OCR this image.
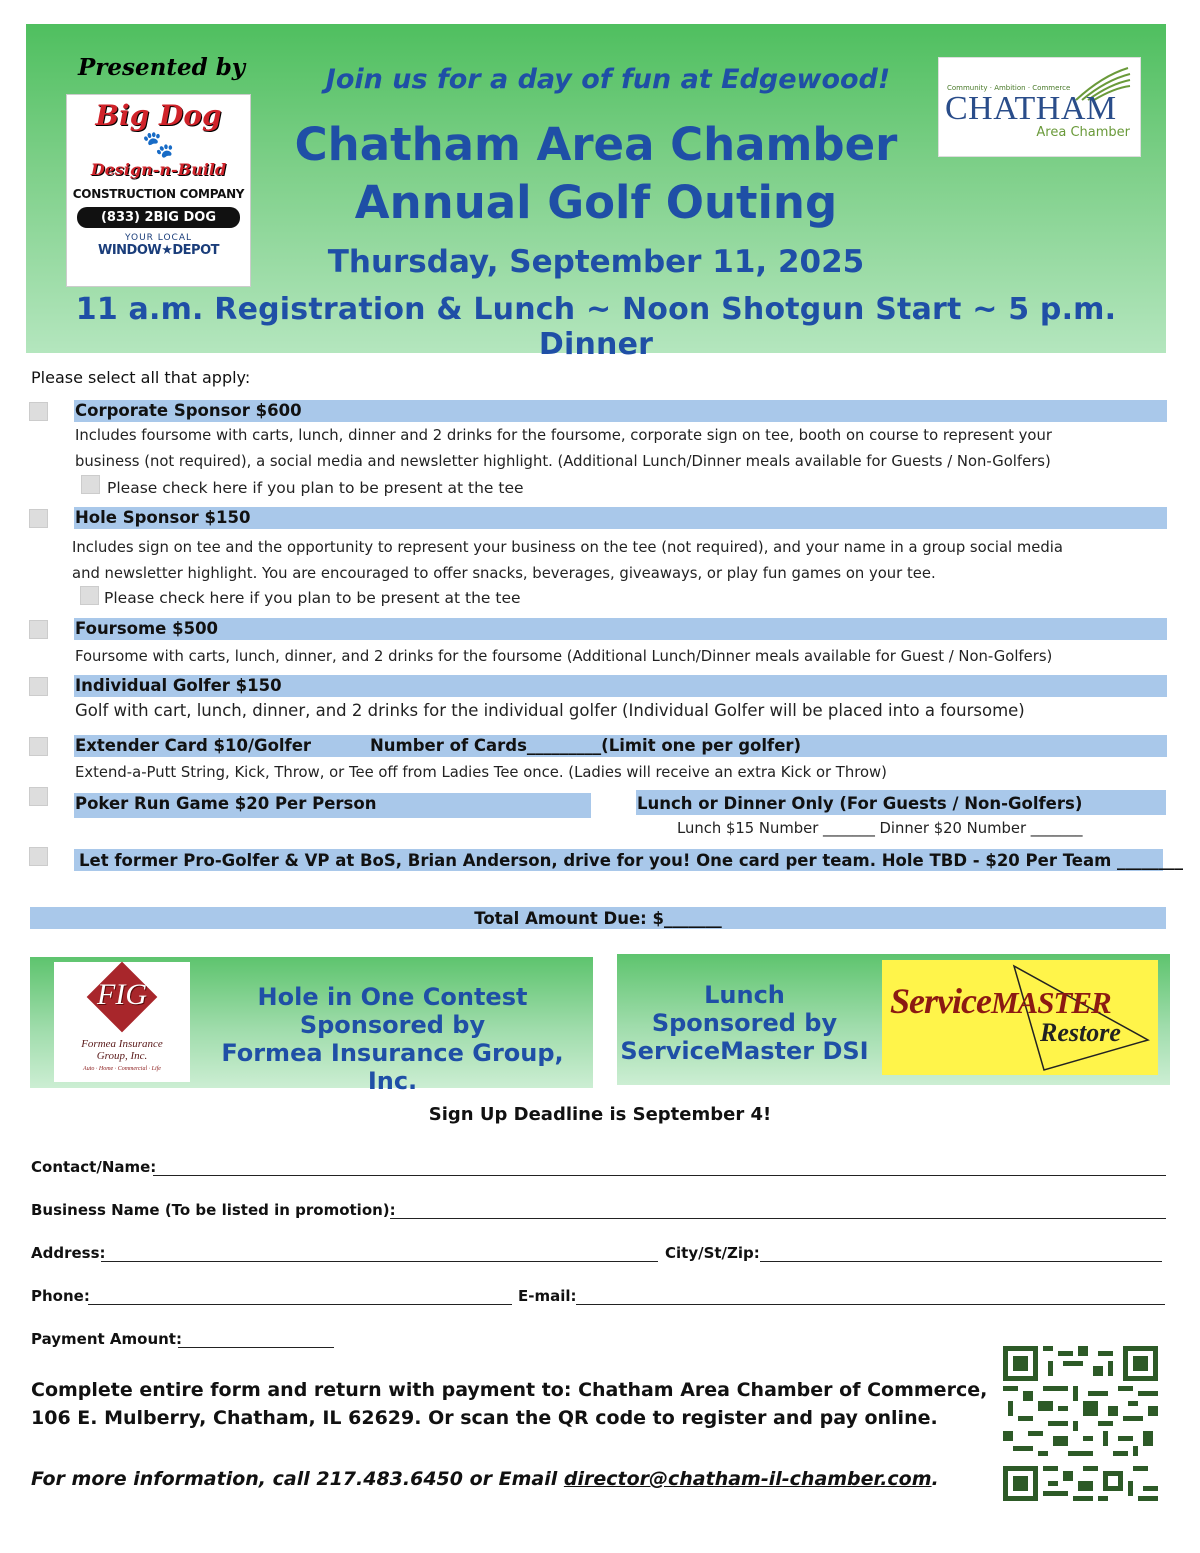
Presented by
Big Dog
🐾
Design-n-Build
CONSTRUCTION COMPANY
(833) 2BIG DOG
YOUR LOCAL
WINDOW★DEPOT
Join us for a day of fun at Edgewood!
Chatham Area Chamber
Annual Golf Outing
Thursday, September 11, 2025
11 a.m. Registration & Lunch ~ Noon Shotgun Start ~ 5 p.m. Dinner
Community · Ambition · Commerce
CHATHAM
Area Chamber
Please select all that apply:
Corporate Sponsor $600
Includes foursome with carts, lunch, dinner and 2 drinks for the foursome, corporate sign on tee, booth on course to represent your
business (not required), a social media and newsletter highlight. (Additional Lunch/Dinner meals available for Guests / Non-Golfers)
Please check here if you plan to be present at the tee
Hole Sponsor $150
Includes sign on tee and the opportunity to represent your business on the tee (not required), and your name in a group social media
and newsletter highlight. You are encouraged to offer snacks, beverages, giveaways, or play fun games on your tee.
Please check here if you plan to be present at the tee
Foursome $500
Foursome with carts, lunch, dinner, and 2 drinks for the foursome (Additional Lunch/Dinner meals available for Guest / Non-Golfers)
Individual Golfer $150
Golf with cart, lunch, dinner, and 2 drinks for the individual golfer (Individual Golfer will be placed into a foursome)
Extender Card $10/Golfer	Number of Cards_________(Limit one per golfer)
Extend-a-Putt String, Kick, Throw, or Tee off from Ladies Tee once. (Ladies will receive an extra Kick or Throw)
Poker Run Game $20 Per Person	Lunch or Dinner Only (For Guests / Non-Golfers)
Lunch $15 Number _______ Dinner $20 Number _______
Let former Pro-Golfer & VP at BoS, Brian Anderson, drive for you! One card per team. Hole TBD - $20 Per Team ________
Total Amount Due: $_______
FIG
Formea Insurance Group, Inc.
Auto · Home · Commercial · Life
Hole in One Contest
Sponsored by
Formea Insurance Group, Inc.
Lunch
Sponsored by
ServiceMaster DSI
ServiceMASTER
Restore
Sign Up Deadline is September 4!
Contact/Name:
Business Name (To be listed in promotion):
Address:	City/St/Zip:
Phone:	E-mail:
Payment Amount:
Complete entire form and return with payment to: Chatham Area Chamber of Commerce,
106 E. Mulberry, Chatham, IL 62629. Or scan the QR code to register and pay online.
For more information, call 217.483.6450 or Email director@chatham-il-chamber.com.
